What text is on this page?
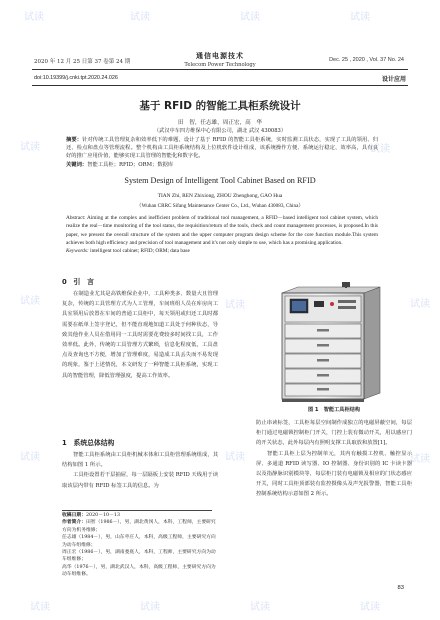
试读	试读	试读	试读
试读	试读
试读	试读	试读
试读	试读	试读
试读	试读	试读	试读
2020 年 12 月 25 日第 37 卷第 24 期
通信电源技术
Telecom Power Technology
Dec. 25 , 2020 , Vol. 37 No. 24
doi:10.19399/j.cnki.tpt.2020.24.026	设计应用
基于 RFID 的智能工具柜系统设计
田　智，任志雄，周正宏，高　华
（武汉中车四方维保中心有限公司，湖北 武汉 430083）
摘要：针对传统工具管理复杂和效率低下的难题，设计了基于 RFID 的智能工具柜系统，实时监测工具状态，实现了工具的领用、归还、检点和盘点等管理流程。整个机构由工具柜系统结构及上位机软件设计组成，该系统操作方便、系统运行稳定、效率高，具有良好的推广应用价值，能够实现工具管理的智能化和数字化。
关键词：智能工具柜；RFID；ORM；数据库
System Design of Intelligent Tool Cabinet Based on RFID
TIAN Zhi, REN Zhixiong, ZHOU Zhenghong, GAO Hua
（Wuhan CRRC Sifang Maintenance Center Co., Ltd., Wuhan 430083, China）
Abstract: Aiming at the complex and inefficient problem of traditional tool management, a RFID－based intelligent tool cabinet system, which realize the real－time monitoring of the tool status, the requisition/return of the tools, check and count management processes, is proposed.In this paper, we present the overall structure of the system and the upper computer program design scheme for the core function module.This system achieves both high efficiency and precision of tool management and it's not only simple to use, which has a promising application.
Keywords: intelligent tool cabinet; RFID; ORM; data base
0　引　言
在制造业尤其是高铁维保企业中，工具种类多、数量大且管理复杂，传统的工具管理方式为人工管理，车间班组人员在库房向工具室领用后放置在车间的普通工具柜中，每天领用或归还工具时都需要在纸单上签字登记，但不能直观地知道工具处于何种状态，导致其他作业人员在借用同一工具时需要花费较多时间找工具，工作效率低。此外，传统的工具管理方式繁琐，信息化程度低，工具盘点及查询也不方便，增加了管理难度，易造成工具丢失而不易发现的现象，鉴于上述情况，本文研发了一种智能工具柜系统，实现工具的智能管理，降低管理强度，提高工作效率。
1　系统总体结构
智能工具柜系统由工具柜机械本体和工具柜管理系统组成，其结构如图 1 所示。
工具柜设置若干层抽屉，每一层隔板上安装 RFID 天线用于读取该层内带有 RFID 标签工具的信息。为
收稿日期：2020－10－13
作者简介：田智（1986－），男，湖北黄冈人，本科，工程师，主要研究方向为机务维修；
任志雄（1984－），男，山东枣庄人，本科，高级工程师，主要研究方向为动车组维修；
周正宏（1986－），男，湖南娄底人，本科，工程师，主要研究方向为动车组维修；
高华（1976－），男，湖北武汉人，本科，高级工程师，主要研究方向为动车组维修。
图 1　智能工具柜结构
防止串读标签，工具柜每层空间制作成独立的电磁屏蔽空间，每层柜门通过电磁锁控制柜门开关，门控上装有微动开关，用以感应门的开关状态，此外每层内有照明支撑工具取放和放置[1]。
智能工具柜上层为控制单元，其内有触摸工控机、触控显示屏、多通道 RFID 读写器、IO 控制器、身份识别的 IC 卡读卡器以及指静脉识别模块等，每层柜门装有电磁锁及相应的门状态感应开关，同时工具柜顶部装有监控摄像头及声光报警器，智能工具柜控制系统结构示意如图 2 所示。
83
